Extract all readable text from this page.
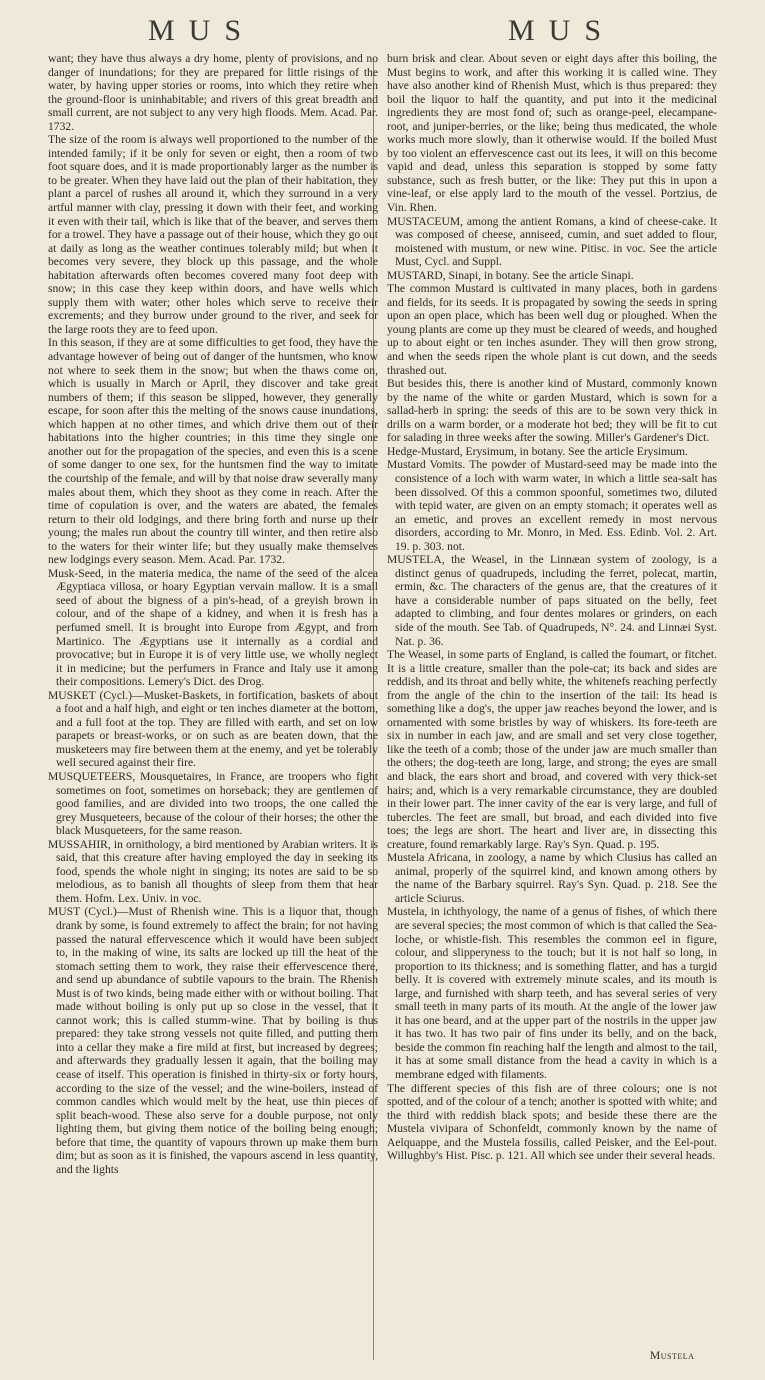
MUS	MUS

want; they have thus always a dry home, plenty of provisions, and no danger of inundations; for they are prepared for little risings of the water, by having upper stories or rooms, into which they retire when the ground-floor is uninhabitable; and rivers of this great breadth and small current, are not subject to any very high floods. Mem. Acad. Par. 1732.

The size of the room is always well proportioned to the number of the intended family; if it be only for seven or eight, then a room of two foot square does, and it is made proportionably larger as the number is to be greater. When they have laid out the plan of their habitation, they plant a parcel of rushes all around it, which they surround in a very artful manner with clay, pressing it down with their feet, and working it even with their tail, which is like that of the beaver, and serves them for a trowel. They have a passage out of their house, which they go out at daily as long as the weather continues tolerably mild; but when it becomes very severe, they block up this passage, and the whole habitation afterwards often becomes covered many foot deep with snow; in this case they keep within doors, and have wells which supply them with water; other holes which serve to receive their excrements; and they burrow under ground to the river, and seek for the large roots they are to feed upon.

In this season, if they are at some difficulties to get food, they have the advantage however of being out of danger of the huntsmen, who know not where to seek them in the snow; but when the thaws come on, which is usually in March or April, they discover and take great numbers of them; if this season be slipped, however, they generally escape, for soon after this the melting of the snows cause inundations, which happen at no other times, and which drive them out of their habitations into the higher countries; in this time they single one another out for the propagation of the species, and even this is a scene of some danger to one sex, for the huntsmen find the way to imitate the courtship of the female, and will by that noise draw severally many males about them, which they shoot as they come in reach. After the time of copulation is over, and the waters are abated, the females return to their old lodgings, and there bring forth and nurse up their young; the males run about the country till winter, and then retire also to the waters for their winter life; but they usually make themselves new lodgings every season. Mem. Acad. Par. 1732.

Musk-Seed, in the materia medica, the name of the seed of the alcea Ægyptiaca villosa, or hoary Egyptian vervain mallow. It is a small seed of about the bigness of a pin's-head, of a greyish brown in colour, and of the shape of a kidney, and when it is fresh has a perfumed smell. It is brought into Europe from Ægypt, and from Martinico. The Ægyptians use it internally as a cordial and provocative; but in Europe it is of very little use, we wholly neglect it in medicine; but the perfumers in France and Italy use it among their compositions. Lemery's Dict. des Drog.

MUSKET (Cycl.)—Musket-Baskets, in fortification, baskets of about a foot and a half high, and eight or ten inches diameter at the bottom, and a full foot at the top. They are filled with earth, and set on low parapets or breast-works, or on such as are beaten down, that the musketeers may fire between them at the enemy, and yet be tolerably well secured against their fire.

MUSQUETEERS, Mousquetaires, in France, are troopers who fight sometimes on foot, sometimes on horseback; they are gentlemen of good families, and are divided into two troops, the one called the grey Musqueteers, because of the colour of their horses; the other the black Musqueteers, for the same reason.

MUSSAHIR, in ornithology, a bird mentioned by Arabian writers. It is said, that this creature after having employed the day in seeking its food, spends the whole night in singing; its notes are said to be so melodious, as to banish all thoughts of sleep from them that hear them. Hofm. Lex. Univ. in voc.

MUST (Cycl.)—Must of Rhenish wine. This is a liquor that, though drank by some, is found extremely to affect the brain; for not having passed the natural effervescence which it would have been subject to, in the making of wine, its salts are locked up till the heat of the stomach setting them to work, they raise their effervescence there, and send up abundance of subtile vapours to the brain. The Rhenish Must is of two kinds, being made either with or without boiling. That made without boiling is only put up so close in the vessel, that it cannot work; this is called stumm-wine. That by boiling is thus prepared: they take strong vessels not quite filled, and putting them into a cellar they make a fire mild at first, but increased by degrees; and afterwards they gradually lessen it again, that the boiling may cease of itself. This operation is finished in thirty-six or forty hours, according to the size of the vessel; and the wine-boilers, instead of common candles which would melt by the heat, use thin pieces of split beach-wood. These also serve for a double purpose, not only lighting them, but giving them notice of the boiling being enough; before that time, the quantity of vapours thrown up make them burn dim; but as soon as it is finished, the vapours ascend in less quantity, and the lights

burn brisk and clear. About seven or eight days after this boiling, the Must begins to work, and after this working it is called wine. They have also another kind of Rhenish Must, which is thus prepared: they boil the liquor to half the quantity, and put into it the medicinal ingredients they are most fond of; such as orange-peel, elecampane-root, and juniper-berries, or the like; being thus medicated, the whole works much more slowly, than it otherwise would. If the boiled Must by too violent an effervescence cast out its lees, it will on this become vapid and dead, unless this separation is stopped by some fatty substance, such as fresh butter, or the like: They put this in upon a vine-leaf, or else apply lard to the mouth of the vessel. Portzius, de Vin. Rhen.

MUSTACEUM, among the antient Romans, a kind of cheese-cake. It was composed of cheese, anniseed, cumin, and suet added to flour, moistened with mustum, or new wine. Pitisc. in voc. See the article Must, Cycl. and Suppl.

MUSTARD, Sinapi, in botany. See the article Sinapi.

The common Mustard is cultivated in many places, both in gardens and fields, for its seeds. It is propagated by sowing the seeds in spring upon an open place, which has been well dug or ploughed. When the young plants are come up they must be cleared of weeds, and houghed up to about eight or ten inches asunder. They will then grow strong, and when the seeds ripen the whole plant is cut down, and the seeds thrashed out.

But besides this, there is another kind of Mustard, commonly known by the name of the white or garden Mustard, which is sown for a sallad-herb in spring: the seeds of this are to be sown very thick in drills on a warm border, or a moderate hot bed; they will be fit to cut for salading in three weeks after the sowing. Miller's Gardener's Dict.

Hedge-Mustard, Erysimum, in botany. See the article Erysimum.

Mustard Vomits. The powder of Mustard-seed may be made into the consistence of a loch with warm water, in which a little sea-salt has been dissolved. Of this a common spoonful, sometimes two, diluted with tepid water, are given on an empty stomach; it operates well as an emetic, and proves an excellent remedy in most nervous disorders, according to Mr. Monro, in Med. Ess. Edinb. Vol. 2. Art. 19. p. 303. not.

MUSTELA, the Weasel, in the Linnæan system of zoology, is a distinct genus of quadrupeds, including the ferret, polecat, martin, ermin, &c. The characters of the genus are, that the creatures of it have a considerable number of paps situated on the belly, feet adapted to climbing, and four dentes molares or grinders, on each side of the mouth. See Tab. of Quadrupeds, N°. 24. and Linnæi Syst. Nat. p. 36.

The Weasel, in some parts of England, is called the foumart, or fitchet. It is a little creature, smaller than the pole-cat; its back and sides are reddish, and its throat and belly white, the whitenefs reaching perfectly from the angle of the chin to the insertion of the tail: Its head is something like a dog's, the upper jaw reaches beyond the lower, and is ornamented with some bristles by way of whiskers. Its fore-teeth are six in number in each jaw, and are small and set very close together, like the teeth of a comb; those of the under jaw are much smaller than the others; the dog-teeth are long, large, and strong; the eyes are small and black, the ears short and broad, and covered with very thick-set hairs; and, which is a very remarkable circumstance, they are doubled in their lower part. The inner cavity of the ear is very large, and full of tubercles. The feet are small, but broad, and each divided into five toes; the legs are short. The heart and liver are, in dissecting this creature, found remarkably large. Ray's Syn. Quad. p. 195.

Mustela Africana, in zoology, a name by which Clusius has called an animal, properly of the squirrel kind, and known among others by the name of the Barbary squirrel. Ray's Syn. Quad. p. 218. See the article Sciurus.

Mustela, in ichthyology, the name of a genus of fishes, of which there are several species; the most common of which is that called the Sea-loche, or whistle-fish. This resembles the common eel in figure, colour, and slipperyness to the touch; but it is not half so long, in proportion to its thickness; and is something flatter, and has a turgid belly. It is covered with extremely minute scales, and its mouth is large, and furnished with sharp teeth, and has several series of very small teeth in many parts of its mouth. At the angle of the lower jaw it has one beard, and at the upper part of the nostrils in the upper jaw it has two. It has two pair of fins under its belly, and on the back, beside the common fin reaching half the length and almost to the tail, it has at some small distance from the head a cavity in which is a membrane edged with filaments.

The different species of this fish are of three colours; one is not spotted, and of the colour of a tench; another is spotted with white; and the third with reddish black spots; and beside these there are the Mustela vivipara of Schonfeldt, commonly known by the name of Aelquappe, and the Mustela fossilis, called Peisker, and the Eel-pout. Willughby's Hist. Pisc. p. 121. All which see under their several heads.

Mustela
